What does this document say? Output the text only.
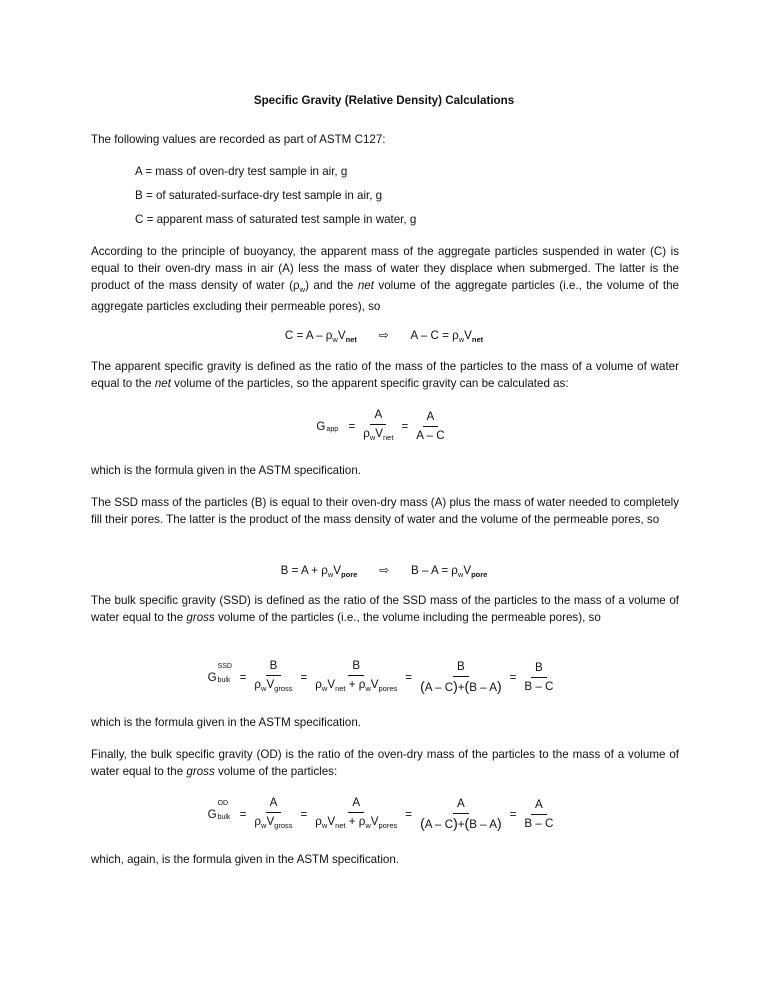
Specific Gravity (Relative Density) Calculations
The following values are recorded as part of ASTM C127:
A = mass of oven-dry test sample in air, g
B = of saturated-surface-dry test sample in air, g
C = apparent mass of saturated test sample in water, g
According to the principle of buoyancy, the apparent mass of the aggregate particles suspended in water (C) is equal to their oven-dry mass in air (A) less the mass of water they displace when submerged. The latter is the product of the mass density of water $(\rho_w)$ and the net volume of the aggregate particles (i.e., the volume of the aggregate particles excluding their permeable pores), so
$C = A - \rho_wV_{net}$ ⇨ $A - C = \rho_wV_{net}$
The apparent specific gravity is defined as the ratio of the mass of the particles to the mass of a volume of water equal to the net volume of the particles, so the apparent specific gravity can be calculated as:
G app = $\frac{A}{\rho_wV_{net}} = \frac{A}{A - C}$
which is the formula given in the ASTM specification.
The SSD mass of the particles (B) is equal to their oven-dry mass (A) plus the mass of water needed to completely fill their pores. The latter is the product of the mass density of water and the volume of the permeable pores, so
$B = A + \rho_wV_{pore}$ ⇨ $B - A = \rho_wV_{pore}$
The bulk specific gravity (SSD) is defined as the ratio of the SSD mass of the particles to the mass of a volume of water equal to the gross volume of the particles (i.e., the volume including the permeable pores), so
G
SSD
bulk = $\frac{B}{\rho_wV_{gross}} = \frac{B}{\rho_wV_{net} + \rho_wV_{pores}} = \frac{B}{(A - C)+(B - A)} = \frac{B}{B - C}$
which is the formula given in the ASTM specification.
Finally, the bulk specific gravity (OD) is the ratio of the oven-dry mass of the particles to the mass of a volume of water equal to the gross volume of the particles:
G
OD
bulk = $\frac{A}{\rho_wV_{gross}} = \frac{A}{\rho_wV_{net} + \rho_wV_{pores}} = \frac{A}{(A - C)+(B - A)} = \frac{A}{B - C}$
which, again, is the formula given in the ASTM specification.
